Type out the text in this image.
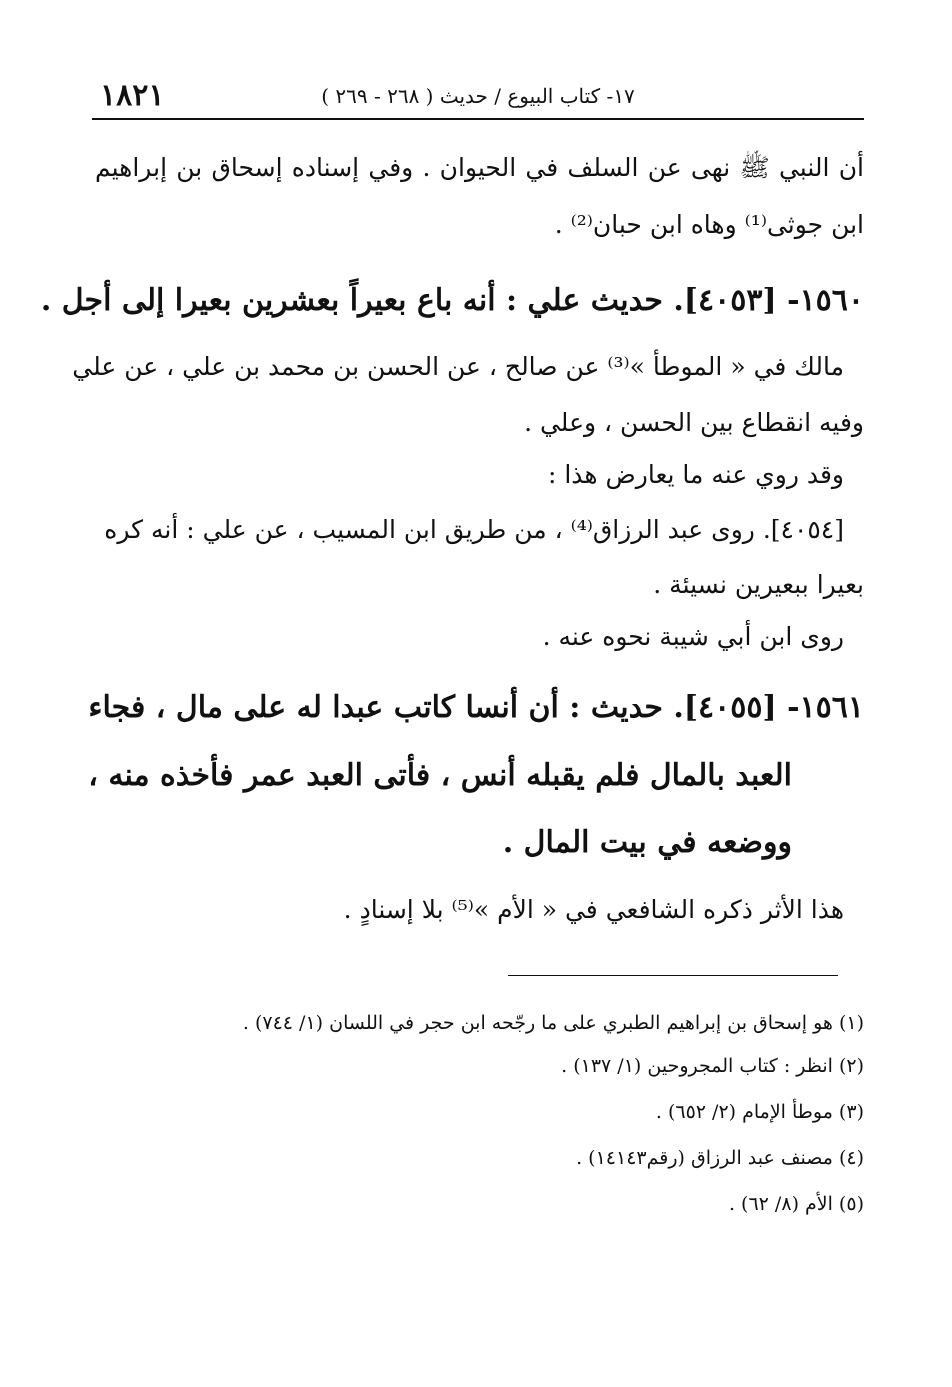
١٨٢١	١٧- كتاب البيوع / حديث ( ٢٦٨ - ٢٦٩ )
أن النبي ﷺ نهى عن السلف في الحيوان . وفي إسناده إسحاق بن إبراهيم
ابن جوثى⁽¹⁾ وهاه ابن حبان⁽²⁾ .
١٥٦٠- [٤٠٥٣]. حديث علي : أنه باع بعيراً بعشرين بعيرا إلى أجل .
مالك في « الموطأ »⁽³⁾ عن صالح ، عن الحسن بن محمد بن علي ، عن علي
وفيه انقطاع بين الحسن ، وعلي .
وقد روي عنه ما يعارض هذا :
[٤٠٥٤]. روى عبد الرزاق⁽⁴⁾ ، من طريق ابن المسيب ، عن علي : أنه كره
بعيرا ببعيرين نسيئة .
روى ابن أبي شيبة نحوه عنه .
١٥٦١- [٤٠٥٥]. حديث : أن أنسا كاتب عبدا له على مال ، فجاء
العبد بالمال فلم يقبله أنس ، فأتى العبد عمر فأخذه منه ،
ووضعه في بيت المال .
هذا الأثر ذكره الشافعي في « الأم »⁽⁵⁾ بلا إسنادٍ .
(١) هو إسحاق بن إبراهيم الطبري على ما رجّحه ابن حجر في اللسان (١/ ٧٤٤) .
(٢) انظر : كتاب المجروحين (١/ ١٣٧) .
(٣) موطأ الإمام (٢/ ٦٥٢) .
(٤) مصنف عبد الرزاق (رقم١٤١٤٣) .
(٥) الأم (٨/ ٦٢) .
